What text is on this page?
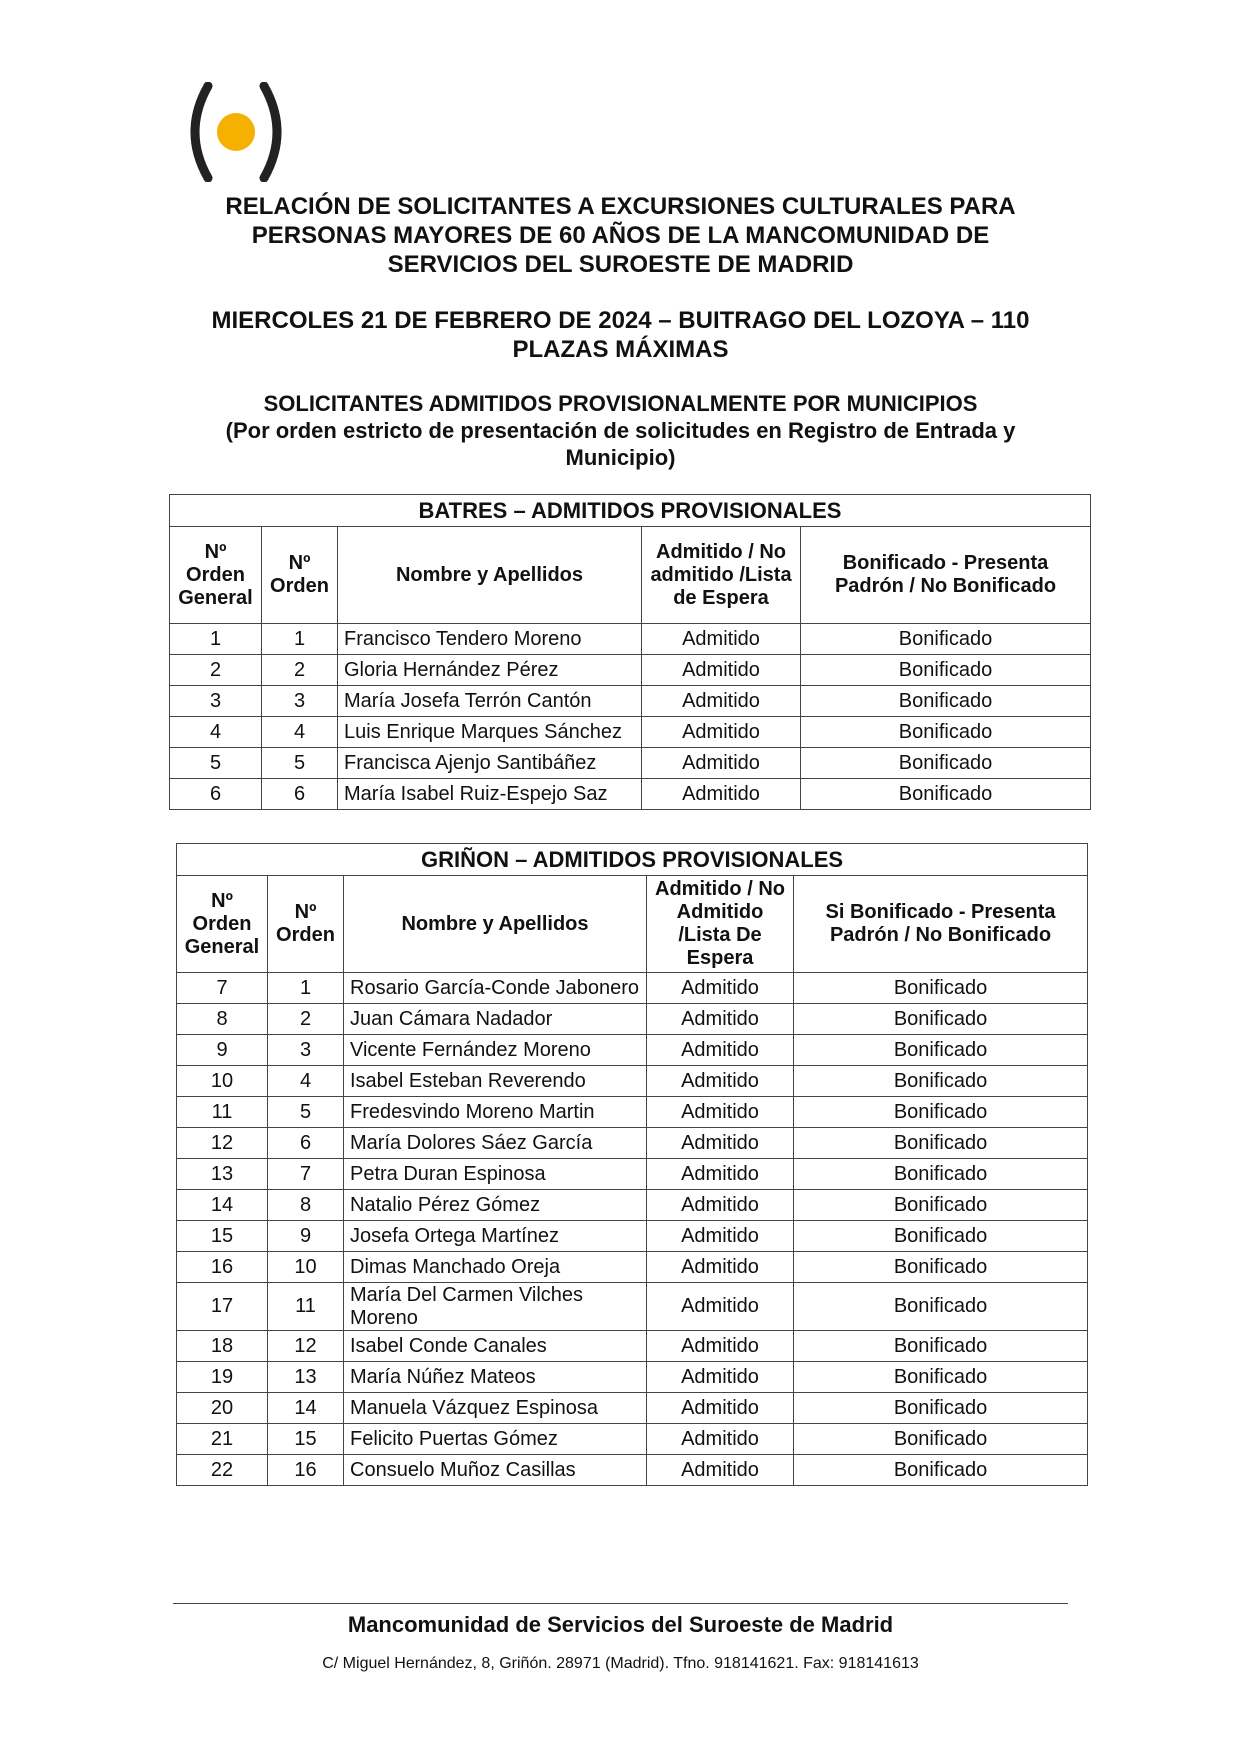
RELACIÓN DE SOLICITANTES A EXCURSIONES CULTURALES PARA
PERSONAS MAYORES DE 60 AÑOS DE LA MANCOMUNIDAD DE
SERVICIOS DEL SUROESTE DE MADRID
MIERCOLES 21 DE FEBRERO DE 2024 – BUITRAGO DEL LOZOYA – 110
PLAZAS MÁXIMAS
SOLICITANTES ADMITIDOS PROVISIONALMENTE POR MUNICIPIOS
(Por orden estricto de presentación de solicitudes en Registro de Entrada y
Municipio)
BATRES – ADMITIDOS PROVISIONALES				
Nº Orden General	Nº Orden	Nombre y Apellidos	Admitido / No admitido /Lista de Espera	Bonificado - Presenta Padrón / No Bonificado
1	1	Francisco Tendero Moreno	Admitido	Bonificado
2	2	Gloria Hernández Pérez	Admitido	Bonificado
3	3	María Josefa Terrón Cantón	Admitido	Bonificado
4	4	Luis Enrique Marques Sánchez	Admitido	Bonificado
5	5	Francisca Ajenjo Santibáñez	Admitido	Bonificado
6	6	María Isabel Ruiz-Espejo Saz	Admitido	Bonificado
GRIÑON – ADMITIDOS PROVISIONALES				
Nº Orden General	Nº Orden	Nombre y Apellidos	Admitido / No Admitido /Lista De Espera	Si Bonificado - Presenta Padrón / No Bonificado
7	1	Rosario García-Conde Jabonero	Admitido	Bonificado
8	2	Juan Cámara Nadador	Admitido	Bonificado
9	3	Vicente Fernández Moreno	Admitido	Bonificado
10	4	Isabel Esteban Reverendo	Admitido	Bonificado
11	5	Fredesvindo Moreno Martin	Admitido	Bonificado
12	6	María Dolores Sáez García	Admitido	Bonificado
13	7	Petra Duran Espinosa	Admitido	Bonificado
14	8	Natalio Pérez Gómez	Admitido	Bonificado
15	9	Josefa Ortega Martínez	Admitido	Bonificado
16	10	Dimas Manchado Oreja	Admitido	Bonificado
17	11	María Del Carmen Vilches Moreno	Admitido	Bonificado
18	12	Isabel Conde Canales	Admitido	Bonificado
19	13	María Núñez Mateos	Admitido	Bonificado
20	14	Manuela Vázquez Espinosa	Admitido	Bonificado
21	15	Felicito Puertas Gómez	Admitido	Bonificado
22	16	Consuelo Muñoz Casillas	Admitido	Bonificado
Mancomunidad de Servicios del Suroeste de Madrid
C/ Miguel Hernández, 8, Griñón. 28971 (Madrid). Tfno. 918141621. Fax: 918141613
